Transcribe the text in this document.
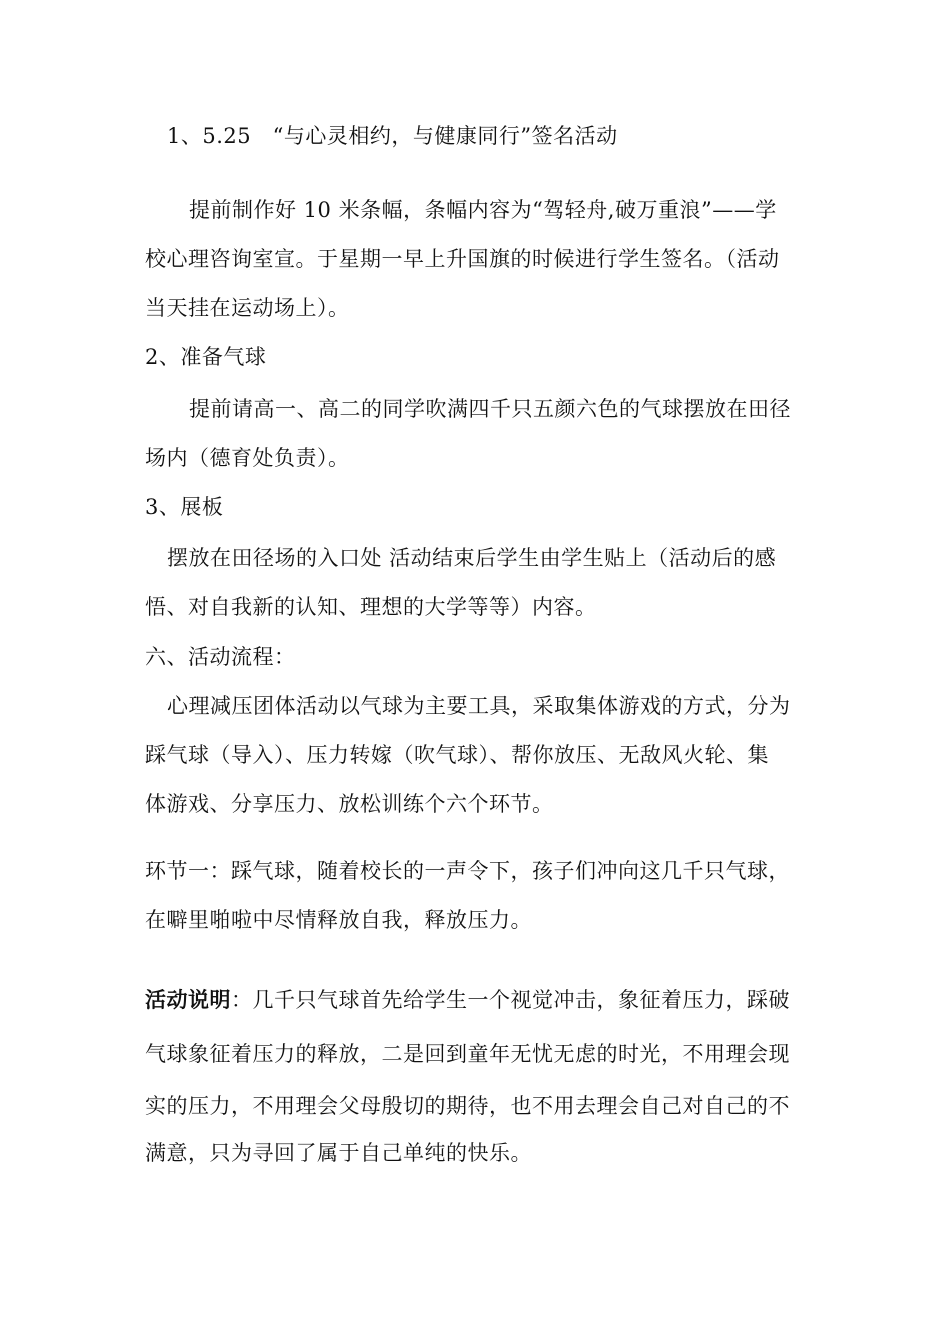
1、5.25　“与心灵相约，与健康同行”签名活动
提前制作好 10 米条幅，条幅内容为“驾轻舟,破万重浪”——学
校心理咨询室宣。于星期一早上升国旗的时候进行学生签名。（活动
当天挂在运动场上）。
2、准备气球
提前请高一、高二的同学吹满四千只五颜六色的气球摆放在田径
场内（德育处负责）。
3、展板
摆放在田径场的入口处 活动结束后学生由学生贴上（活动后的感
悟、对自我新的认知、理想的大学等等）内容。
六、活动流程：
心理减压团体活动以气球为主要工具，采取集体游戏的方式，分为
踩气球（导入）、压力转嫁（吹气球）、帮你放压、无敌风火轮、集
体游戏、分享压力、放松训练个六个环节。
环节一：踩气球，随着校长的一声令下，孩子们冲向这几千只气球，
在噼里啪啦中尽情释放自我，释放压力。
活动说明：几千只气球首先给学生一个视觉冲击，象征着压力，踩破
气球象征着压力的释放，二是回到童年无忧无虑的时光，不用理会现
实的压力，不用理会父母殷切的期待，也不用去理会自己对自己的不
满意，只为寻回了属于自己单纯的快乐。
